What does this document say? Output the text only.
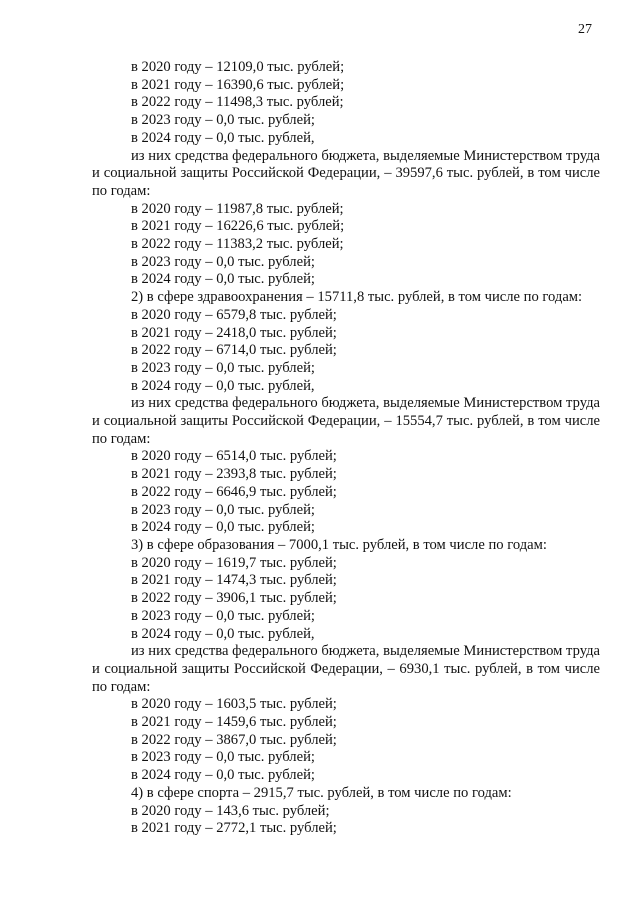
27

в 2020 году – 12109,0 тыс. рублей;

в 2021 году – 16390,6 тыс. рублей;

в 2022 году – 11498,3 тыс. рублей;

в 2023 году – 0,0 тыс. рублей;

в 2024 году – 0,0 тыс. рублей,

из них средства федерального бюджета, выделяемые Министерством труда и социальной защиты Российской Федерации, – 39597,6 тыс. рублей, в том числе по годам:

в 2020 году – 11987,8 тыс. рублей;

в 2021 году – 16226,6 тыс. рублей;

в 2022 году – 11383,2 тыс. рублей;

в 2023 году – 0,0 тыс. рублей;

в 2024 году – 0,0 тыс. рублей;

2) в сфере здравоохранения – 15711,8 тыс. рублей, в том числе по годам:

в 2020 году – 6579,8 тыс. рублей;

в 2021 году – 2418,0 тыс. рублей;

в 2022 году – 6714,0 тыс. рублей;

в 2023 году – 0,0 тыс. рублей;

в 2024 году – 0,0 тыс. рублей,

из них средства федерального бюджета, выделяемые Министерством труда и социальной защиты Российской Федерации, – 15554,7 тыс. рублей, в том числе по годам:

в 2020 году – 6514,0 тыс. рублей;

в 2021 году – 2393,8 тыс. рублей;

в 2022 году – 6646,9 тыс. рублей;

в 2023 году – 0,0 тыс. рублей;

в 2024 году – 0,0 тыс. рублей;

3) в сфере образования – 7000,1 тыс. рублей, в том числе по годам:

в 2020 году – 1619,7 тыс. рублей;

в 2021 году – 1474,3 тыс. рублей;

в 2022 году – 3906,1 тыс. рублей;

в 2023 году – 0,0 тыс. рублей;

в 2024 году – 0,0 тыс. рублей,

из них средства федерального бюджета, выделяемые Министерством труда и социальной защиты Российской Федерации, – 6930,1 тыс. рублей, в том числе по годам:

в 2020 году – 1603,5 тыс. рублей;

в 2021 году – 1459,6 тыс. рублей;

в 2022 году – 3867,0 тыс. рублей;

в 2023 году – 0,0 тыс. рублей;

в 2024 году – 0,0 тыс. рублей;

4) в сфере спорта – 2915,7 тыс. рублей, в том числе по годам:

в 2020 году – 143,6 тыс. рублей;

в 2021 году – 2772,1 тыс. рублей;
